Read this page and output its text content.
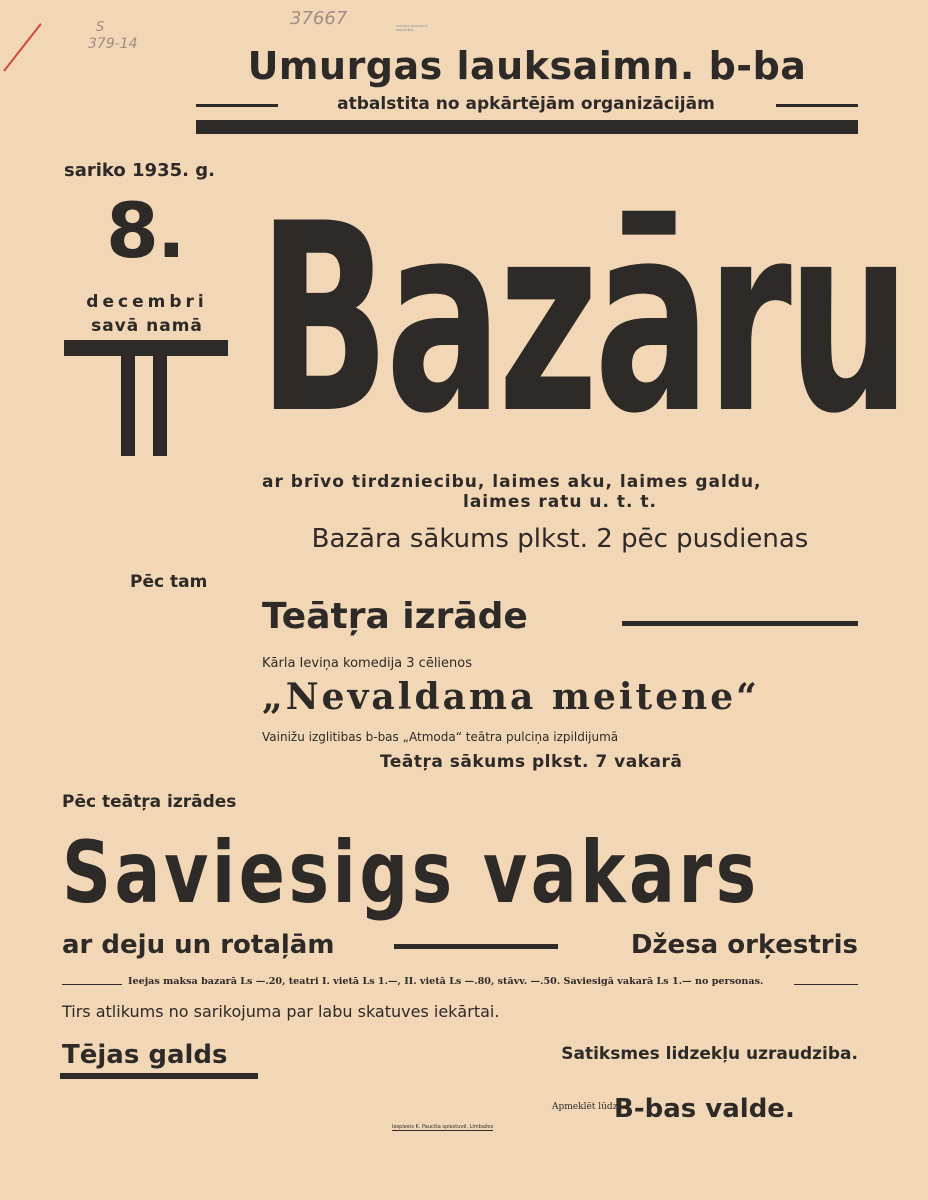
S
379-14
37667	LATVIJAS NACIONĀLĀ BIBLIOTĒKA
Umurgas lauksaimn. b-ba
atbalstita no apkārtējām organizācijām
sariko 1935. g.
8.
decembri
savā namā Bazāru
ar brīvo tirdzniecibu, laimes aku, laimes galdu,
laimes ratu u. t. t.
Bazāra sākums plkst. 2 pēc pusdienas
Pēc tam
Teātŗa izrāde
Kārla Ieviņa komedija 3 cēlienos
„Nevaldama meitene“
Vainižu izglitibas b-bas „Atmoda“ teātra pulciņa izpildijumā
Teātŗa sākums plkst. 7 vakarā
Pēc teātŗa izrādes
Saviesigs vakars
ar deju un rotaļām	Džesa orķestris
Ieejas maksa bazarā Ls —.20, teatri I. vietā Ls 1.—, II. vietā Ls —.80, stāvv. —.50. Saviesigā vakarā Ls 1.— no personas.
Tirs atlikums no sarikojuma par labu skatuves iekārtai.
Tējas galds	Satiksmes lidzekļu uzraudziba.
Iespiests K. Paucīša spiestuvē, Limbažos
Apmeklēt lūdz
B-bas valde.
